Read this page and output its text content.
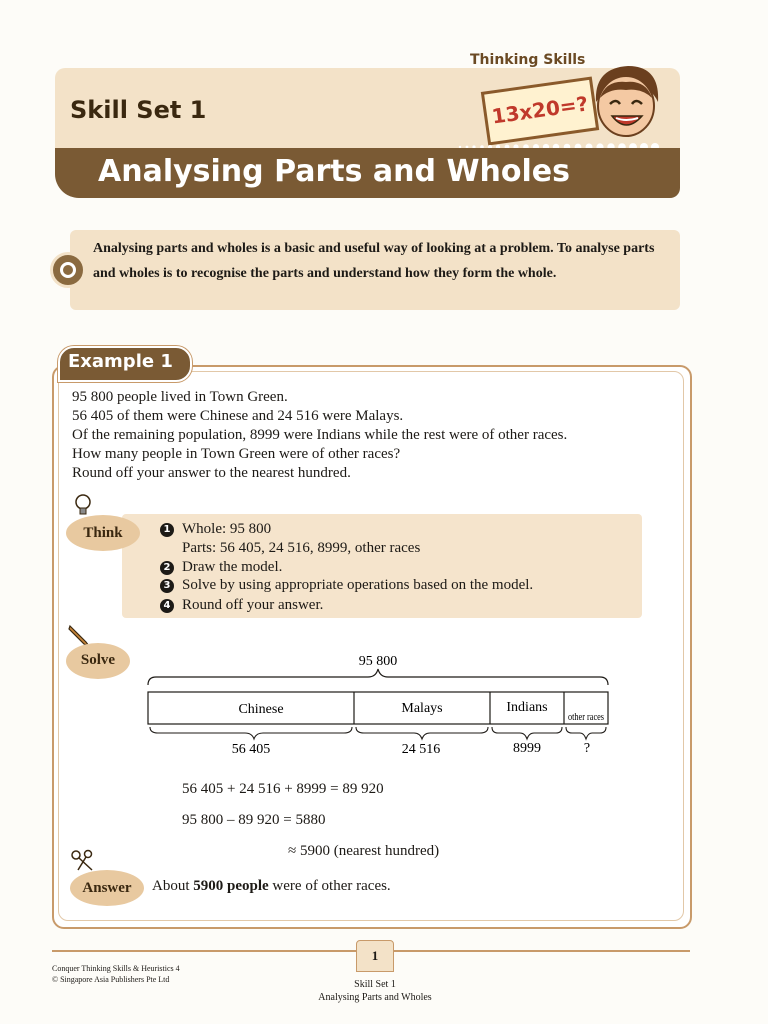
Thinking Skills
Skill Set 1	13x20=?
Analysing Parts and Wholes
Analysing parts and wholes is a basic and useful way of looking at a problem. To analyse parts and wholes is to recognise the parts and understand how they form the whole.
Example 1
95 800 people lived in Town Green.
56 405 of them were Chinese and 24 516 were Malays.
Of the remaining population, 8999 were Indians while the rest were of other races.
How many people in Town Green were of other races?
Round off your answer to the nearest hundred.
Think	1 Whole: 95 800
Parts: 56 405, 24 516, 8999, other races
2 Draw the model.
3 Solve by using appropriate operations based on the model.
4 Round off your answer.
Solve	95 800
Chinese	Malays	Indians
other races
56 405	24 516	8999	?
56 405 + 24 516 + 8999 = 89 920
95 800 – 89 920 = 5880
≈ 5900 (nearest hundred)
Answer	About 5900 people were of other races.
1
Conquer Thinking Skills & Heuristics 4
© Singapore Asia Publishers Pte Ltd	Skill Set 1
Analysing Parts and Wholes
